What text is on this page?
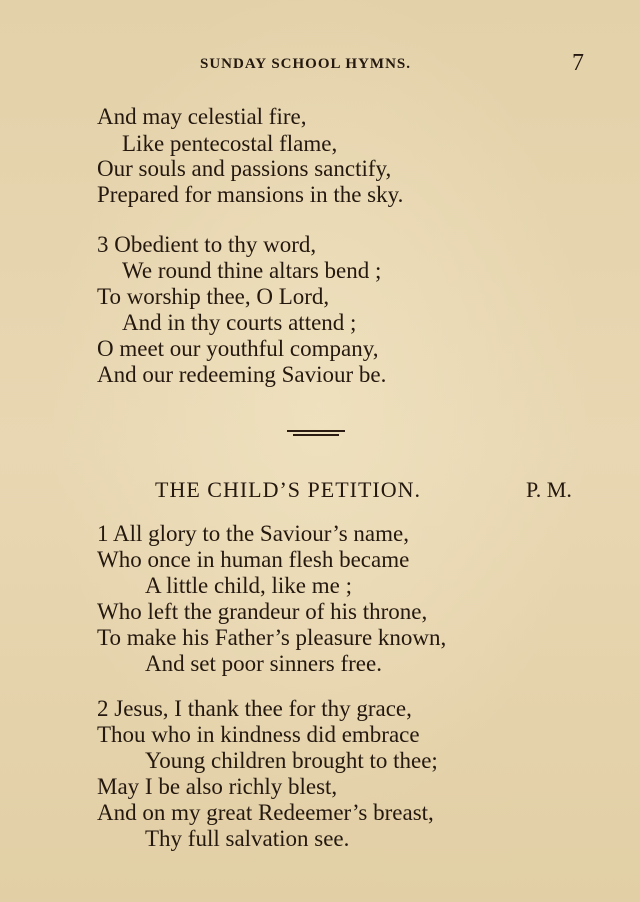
SUNDAY SCHOOL HYMNS.	7
And may celestial fire,
Like pentecostal flame,
Our souls and passions sanctify,
Prepared for mansions in the sky.
3 Obedient to thy word,
We round thine altars bend ;
To worship thee, O Lord,
And in thy courts attend ;
O meet our youthful company,
And our redeeming Saviour be.
THE CHILD’S PETITION.	P. M.
1 All glory to the Saviour’s name,
Who once in human flesh became
A little child, like me ;
Who left the grandeur of his throne,
To make his Father’s pleasure known,
And set poor sinners free.
2 Jesus, I thank thee for thy grace,
Thou who in kindness did embrace
Young children brought to thee;
May I be also richly blest,
And on my great Redeemer’s breast,
Thy full salvation see.
